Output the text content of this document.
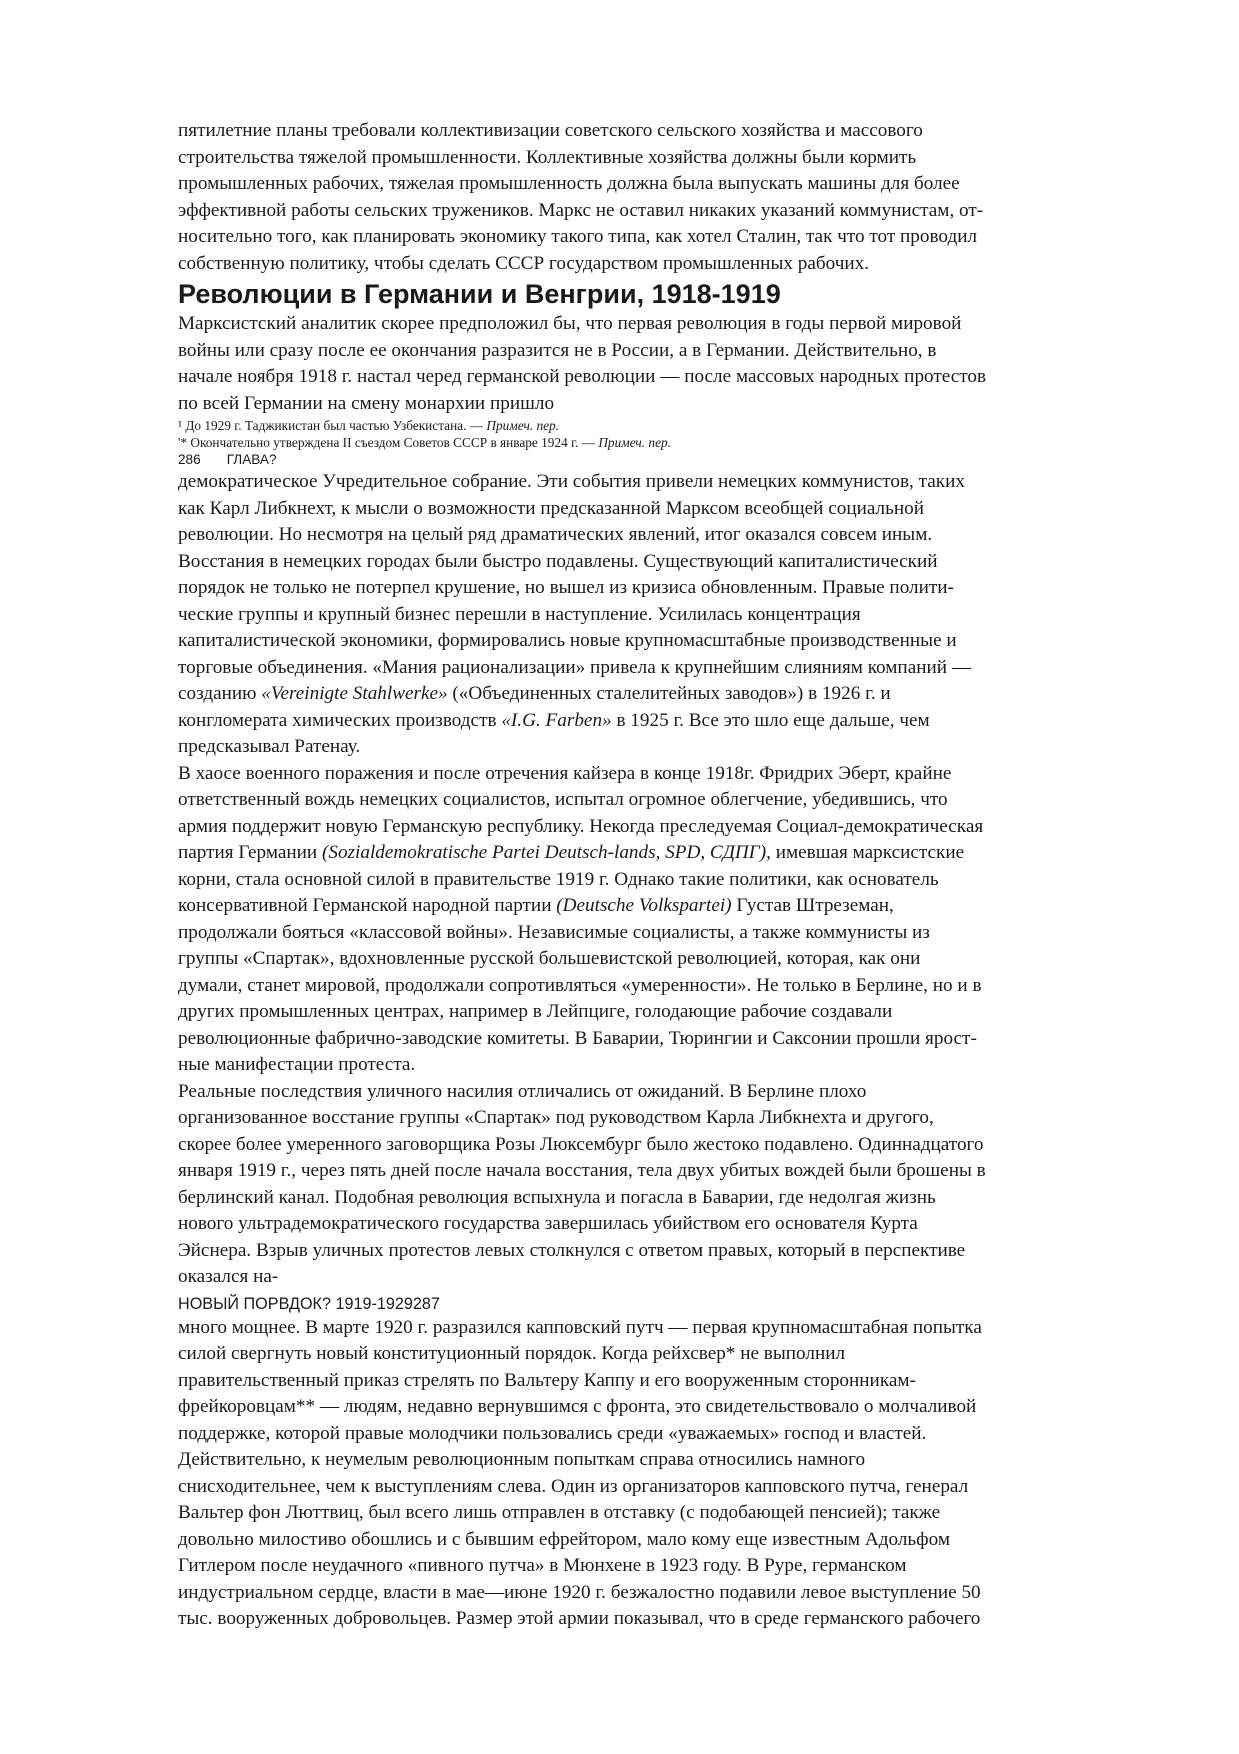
пятилетние планы требовали коллективизации советского сельского хозяйства и массового
строительства тяжелой промышленности. Коллективные хозяйства должны были кормить
промышленных рабочих, тяжелая промышленность должна была выпускать машины для более
эффективной работы сельских тружеников. Маркс не оставил никаких указаний коммунистам, от-
носительно того, как планировать экономику такого типа, как хотел Сталин, так что тот проводил
собственную политику, чтобы сделать СССР государством промышленных рабочих.

Революции в Германии и Венгрии, 1918-1919

Марксистский аналитик скорее предположил бы, что первая революция в годы первой мировой
войны или сразу после ее окончания разразится не в России, а в Германии. Действительно, в
начале ноября 1918 г. настал черед германской революции — после массовых народных протестов
по всей Германии на смену монархии пришло

¹ До 1929 г. Таджикистан был частью Узбекистана. — Примеч. пер.

'* Окончательно утверждена II съездом Советов СССР в январе 1924 г. — Примеч. пер.

286 ГЛАВА?

демократическое Учредительное собрание. Эти события привели немецких коммунистов, таких
как Карл Либкнехт, к мысли о возможности предсказанной Марксом всеобщей социальной
революции. Но несмотря на целый ряд драматических явлений, итог оказался совсем иным.
Восстания в немецких городах были быстро подавлены. Существующий капиталистический
порядок не только не потерпел крушение, но вышел из кризиса обновленным. Правые полити-
ческие группы и крупный бизнес перешли в наступление. Усилилась концентрация
капиталистической экономики, формировались новые крупномасштабные производственные и
торговые объединения. «Мания рационализации» привела к крупнейшим слияниям компаний —
созданию «Vereinigte Stahlwerke» («Объединенных сталелитейных заводов») в 1926 г. и
конгломерата химических производств «I.G. Farben» в 1925 г. Все это шло еще дальше, чем
предсказывал Ратенау.

В хаосе военного поражения и после отречения кайзера в конце 1918г. Фридрих Эберт, крайне
ответственный вождь немецких социалистов, испытал огромное облегчение, убедившись, что
армия поддержит новую Германскую республику. Некогда преследуемая Социал-демократическая
партия Германии (Sozialdemokratische Partei Deutsch-lands, SPD, СДПГ), имевшая марксистские
корни, стала основной силой в правительстве 1919 г. Однако такие политики, как основатель
консервативной Германской народной партии (Deutsche Volkspartei) Густав Штреземан,
продолжали бояться «классовой войны». Независимые социалисты, а также коммунисты из
группы «Спартак», вдохновленные русской большевистской революцией, которая, как они
думали, станет мировой, продолжали сопротивляться «умеренности». Не только в Берлине, но и в
других промышленных центрах, например в Лейпциге, голодающие рабочие создавали
революционные фабрично-заводские комитеты. В Баварии, Тюрингии и Саксонии прошли ярост-
ные манифестации протеста.

Реальные последствия уличного насилия отличались от ожиданий. В Берлине плохо
организованное восстание группы «Спартак» под руководством Карла Либкнехта и другого,
скорее более умеренного заговорщика Розы Люксембург было жестоко подавлено. Одиннадцатого
января 1919 г., через пять дней после начала восстания, тела двух убитых вождей были брошены в
берлинский канал. Подобная революция вспыхнула и погасла в Баварии, где недолгая жизнь
нового ультрадемократического государства завершилась убийством его основателя Курта
Эйснера. Взрыв уличных протестов левых столкнулся с ответом правых, который в перспективе
оказался на-

НОВЫЙ ПОРВДОК? 1919-1929287

много мощнее. В марте 1920 г. разразился капповский путч — первая крупномасштабная попытка
силой свергнуть новый конституционный порядок. Когда рейхсвер* не выполнил
правительственный приказ стрелять по Вальтеру Каппу и его вооруженным сторонникам-
фрейкоровцам** — людям, недавно вернувшимся с фронта, это свидетельствовало о молчаливой
поддержке, которой правые молодчики пользовались среди «уважаемых» господ и властей.
Действительно, к неумелым революционным попыткам справа относились намного
снисходительнее, чем к выступлениям слева. Один из организаторов капповского путча, генерал
Вальтер фон Люттвиц, был всего лишь отправлен в отставку (с подобающей пенсией); также
довольно милостиво обошлись и с бывшим ефрейтором, мало кому еще известным Адольфом
Гитлером после неудачного «пивного путча» в Мюнхене в 1923 году. В Руре, германском
индустриальном сердце, власти в мае—июне 1920 г. безжалостно подавили левое выступление 50
тыс. вооруженных добровольцев. Размер этой армии показывал, что в среде германского рабочего
